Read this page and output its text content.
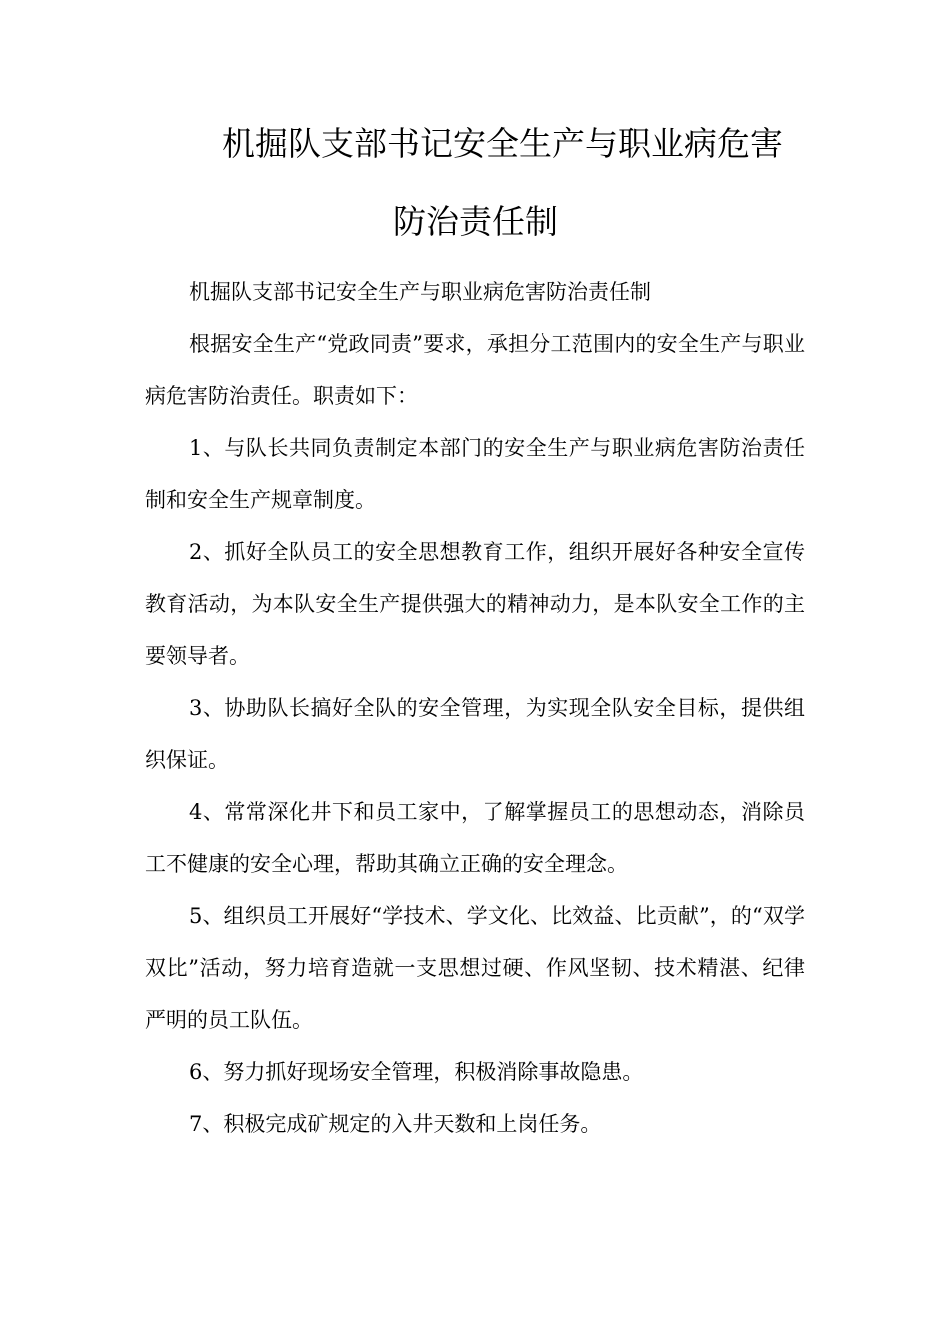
机掘队支部书记安全生产与职业病危害
防治责任制

机掘队支部书记安全生产与职业病危害防治责任制

根据安全生产“党政同责”要求，承担分工范围内的安全生产与职业病危害防治责任。职责如下：

1、与队长共同负责制定本部门的安全生产与职业病危害防治责任制和安全生产规章制度。

2、抓好全队员工的安全思想教育工作，组织开展好各种安全宣传教育活动，为本队安全生产提供强大的精神动力，是本队安全工作的主要领导者。

3、协助队长搞好全队的安全管理，为实现全队安全目标，提供组织保证。

4、常常深化井下和员工家中，了解掌握员工的思想动态，消除员工不健康的安全心理，帮助其确立正确的安全理念。

5、组织员工开展好“学技术、学文化、比效益、比贡献”，的“双学双比”活动，努力培育造就一支思想过硬、作风坚韧、技术精湛、纪律严明的员工队伍。

6、努力抓好现场安全管理，积极消除事故隐患。

7、积极完成矿规定的入井天数和上岗任务。
